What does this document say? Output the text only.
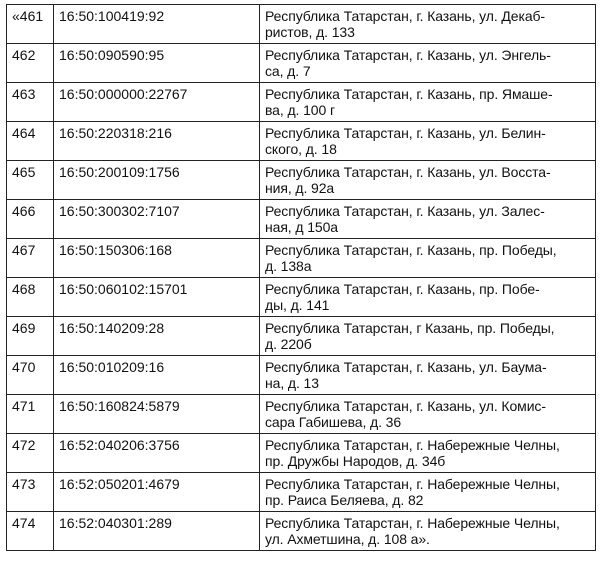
«461	16:50:100419:92	Республика Татарстан, г. Казань, ул. Декаб-
ристов, д. 133

462	16:50:090590:95	Республика Татарстан, г. Казань, ул. Энгель-
са, д. 7

463	16:50:000000:22767	Республика Татарстан, г. Казань, пр. Ямаше-
ва, д. 100 г

464	16:50:220318:216	Республика Татарстан, г. Казань, ул. Белин-
ского, д. 18

465	16:50:200109:1756	Республика Татарстан, г. Казань, ул. Восста-
ния, д. 92а

466	16:50:300302:7107	Республика Татарстан, г. Казань, ул. Залес-
ная, д 150а

467	16:50:150306:168	Республика Татарстан, г. Казань, пр. Победы,
д. 138а

468	16:50:060102:15701	Республика Татарстан, г. Казань, пр. Побе-
ды, д. 141

469	16:50:140209:28	Республика Татарстан, г Казань, пр. Победы,
д. 220б

470	16:50:010209:16	Республика Татарстан, г. Казань, ул. Баума-
на, д. 13

471	16:50:160824:5879	Республика Татарстан, г. Казань, ул. Комис-
сара Габишева, д. 36

472	16:52:040206:3756	Республика Татарстан, г. Набережные Челны,
пр. Дружбы Народов, д. 34б

473	16:52:050201:4679	Республика Татарстан, г. Набережные Челны,
пр. Раиса Беляева, д. 82

474	16:52:040301:289	Республика Татарстан, г. Набережные Челны,
ул. Ахметшина, д. 108 а».
